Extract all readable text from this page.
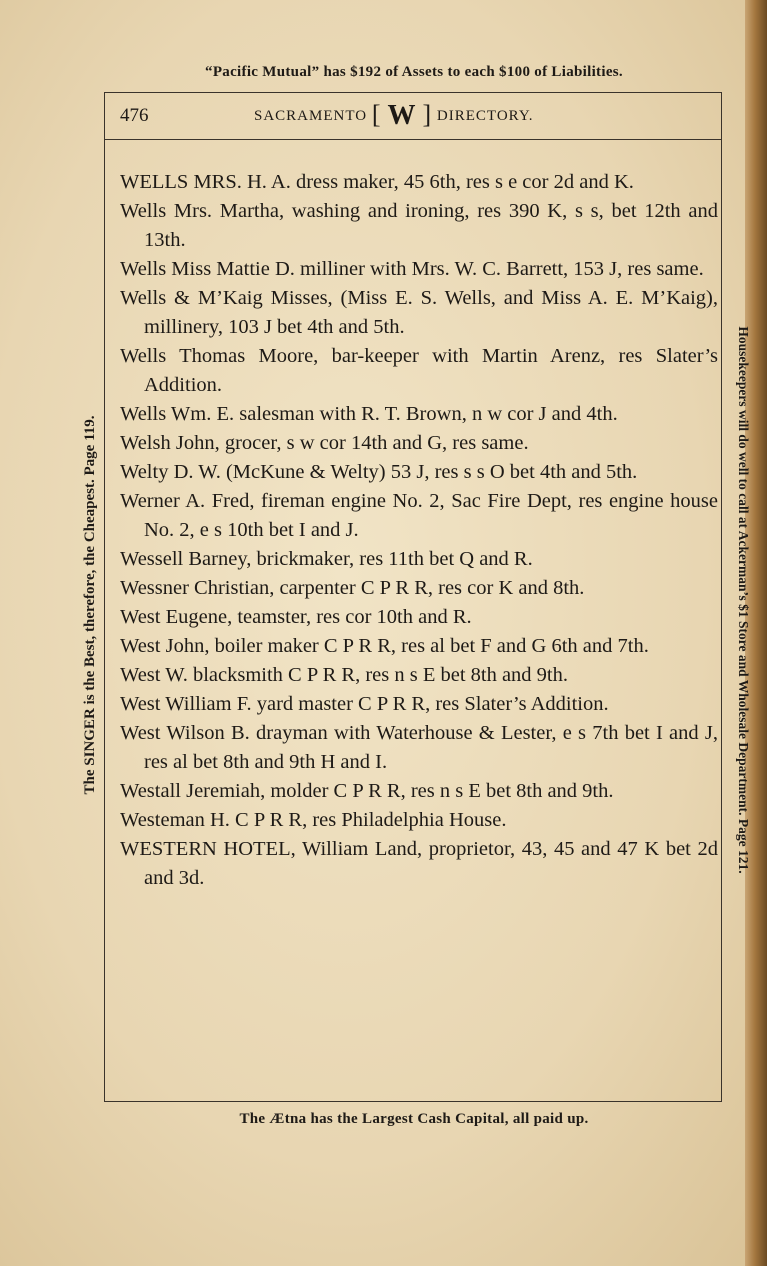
“Pacific Mutual” has $192 of Assets to each $100 of Liabilities.
476	SACRAMENTO [ W ] DIRECTORY.

WELLS MRS. H. A. dress maker, 45 6th, res s e cor 2d and K.

Wells Mrs. Martha, washing and ironing, res 390 K, s s, bet 12th and 13th.

Wells Miss Mattie D. milliner with Mrs. W. C. Barrett, 153 J, res same.

Wells & M’Kaig Misses, (Miss E. S. Wells, and Miss A. E. M’Kaig), millinery, 103 J bet 4th and 5th.

Wells Thomas Moore, bar-keeper with Martin Arenz, res Slater’s Addition.

Wells Wm. E. salesman with R. T. Brown, n w cor J and 4th.

Welsh John, grocer, s w cor 14th and G, res same.

Welty D. W. (McKune & Welty) 53 J, res s s O bet 4th and 5th.

Werner A. Fred, fireman engine No. 2, Sac Fire Dept, res engine house No. 2, e s 10th bet I and J.

Wessell Barney, brickmaker, res 11th bet Q and R.

Wessner Christian, carpenter C P R R, res cor K and 8th.

West Eugene, teamster, res cor 10th and R.

West John, boiler maker C P R R, res al bet F and G 6th and 7th.

West W. blacksmith C P R R, res n s E bet 8th and 9th.

West William F. yard master C P R R, res Slater’s Addition.

West Wilson B. drayman with Waterhouse & Lester, e s 7th bet I and J, res al bet 8th and 9th H and I.

Westall Jeremiah, molder C P R R, res n s E bet 8th and 9th.

Westeman H. C P R R, res Philadelphia House.

WESTERN HOTEL, William Land, proprietor, 43, 45 and 47 K bet 2d and 3d.

The SINGER is the Best, therefore, the Cheapest. Page 119.	Housekeepers will do well to call at Ackerman’s $1 Store and Wholesale Department. Page 121.
The Ætna has the Largest Cash Capital, all paid up.
